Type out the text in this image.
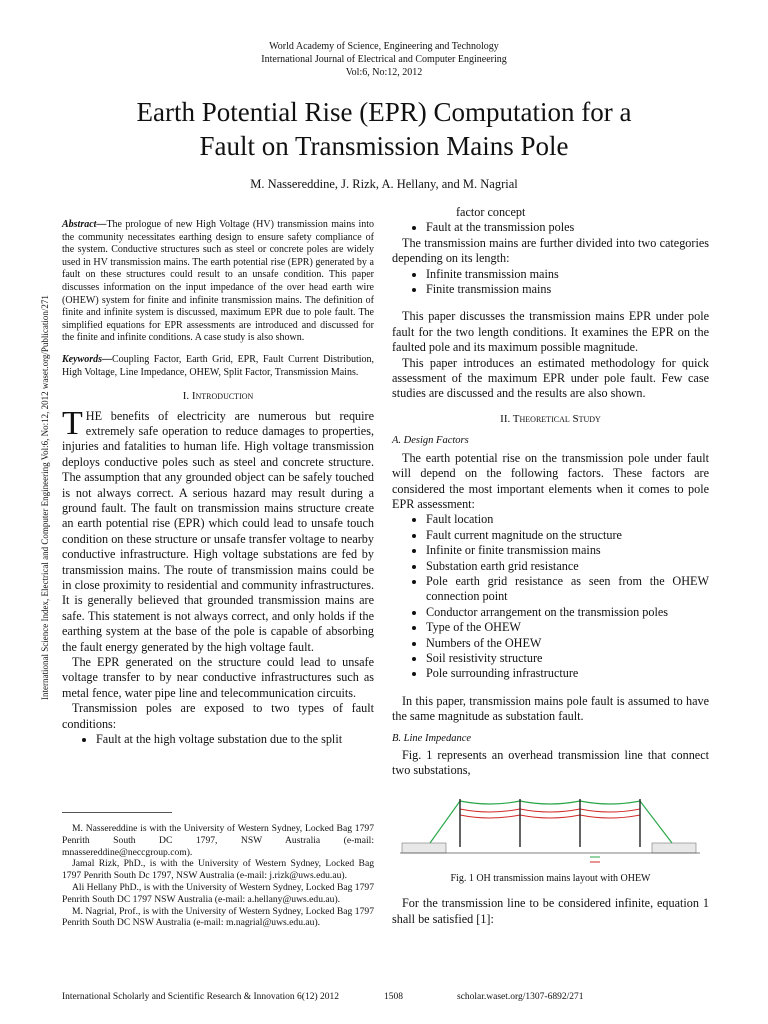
World Academy of Science, Engineering and Technology
International Journal of Electrical and Computer Engineering
Vol:6, No:12, 2012
Earth Potential Rise (EPR) Computation for a
Fault on Transmission Mains Pole
M. Nassereddine, J. Rizk, A. Hellany, and M. Nagrial
International Science Index, Electrical and Computer Engineering Vol:6, No:12, 2012 waset.org/Publication/271
Abstract—The prologue of new High Voltage (HV) transmission mains into the community necessitates earthing design to ensure safety compliance of the system. Conductive structures such as steel or concrete poles are widely used in HV transmission mains. The earth potential rise (EPR) generated by a fault on these structures could result to an unsafe condition. This paper discusses information on the input impedance of the over head earth wire (OHEW) system for finite and infinite transmission mains. The definition of finite and infinite system is discussed, maximum EPR due to pole fault. The simplified equations for EPR assessments are introduced and discussed for the finite and infinite conditions. A case study is also shown.
Keywords—Coupling Factor, Earth Grid, EPR, Fault Current Distribution, High Voltage, Line Impedance, OHEW, Split Factor, Transmission Mains.
I. Introduction

THE benefits of electricity are numerous but require extremely safe operation to reduce damages to properties, injuries and fatalities to human life. High voltage transmission deploys conductive poles such as steel and concrete structure. The assumption that any grounded object can be safely touched is not always correct. A serious hazard may result during a ground fault. The fault on transmission mains structure create an earth potential rise (EPR) which could lead to unsafe touch condition on these structure or unsafe transfer voltage to nearby conductive infrastructure. High voltage substations are fed by transmission mains. The route of transmission mains could be in close proximity to residential and community infrastructures. It is generally believed that grounded transmission mains are safe. This statement is not always correct, and only holds if the earthing system at the base of the pole is capable of absorbing the fault energy generated by the high voltage fault.

The EPR generated on the structure could lead to unsafe voltage transfer to by near conductive infrastructures such as metal fence, water pipe line and telecommunication circuits.

Transmission poles are exposed to two types of fault conditions:

• Fault at the high voltage substation due to the split

M. Nassereddine is with the University of Western Sydney, Locked Bag 1797 Penrith South DC 1797, NSW Australia (e-mail: mnassereddine@neccgroup.com).

Jamal Rizk, PhD., is with the University of Western Sydney, Locked Bag 1797 Penrith South Dc 1797, NSW Australia (e-mail: j.rizk@uws.edu.au).

Ali Hellany PhD., is with the University of Western Sydney, Locked Bag 1797 Penrith South DC 1797 NSW Australia (e-mail: a.hellany@uws.edu.au).

M. Nagrial, Prof., is with the University of Western Sydney, Locked Bag 1797 Penrith South DC NSW Australia (e-mail: m.nagrial@uws.edu.au).

factor concept
• Fault at the transmission poles

The transmission mains are further divided into two categories depending on its length:

• Infinite transmission mains
• Finite transmission mains

This paper discusses the transmission mains EPR under pole fault for the two length conditions. It examines the EPR on the faulted pole and its maximum possible magnitude.

This paper introduces an estimated methodology for quick assessment of the maximum EPR under pole fault. Few case studies are discussed and the results are also shown.

II. Theoretical Study
A. Design Factors

The earth potential rise on the transmission pole under fault will depend on the following factors. These factors are considered the most important elements when it comes to pole EPR assessment:

• Fault location
• Fault current magnitude on the structure
• Infinite or finite transmission mains
• Substation earth grid resistance
• Pole earth grid resistance as seen from the OHEW connection point
• Conductor arrangement on the transmission poles
• Type of the OHEW
• Numbers of the OHEW
• Soil resistivity structure
• Pole surrounding infrastructure

In this paper, transmission mains pole fault is assumed to have the same magnitude as substation fault.

B. Line Impedance

Fig. 1 represents an overhead transmission line that connect two substations,

Fig. 1 OH transmission mains layout with OHEW

For the transmission line to be considered infinite, equation 1 shall be satisfied [1]:

International Scholarly and Scientific Research & Innovation 6(12) 2012	1508	scholar.waset.org/1307-6892/271
